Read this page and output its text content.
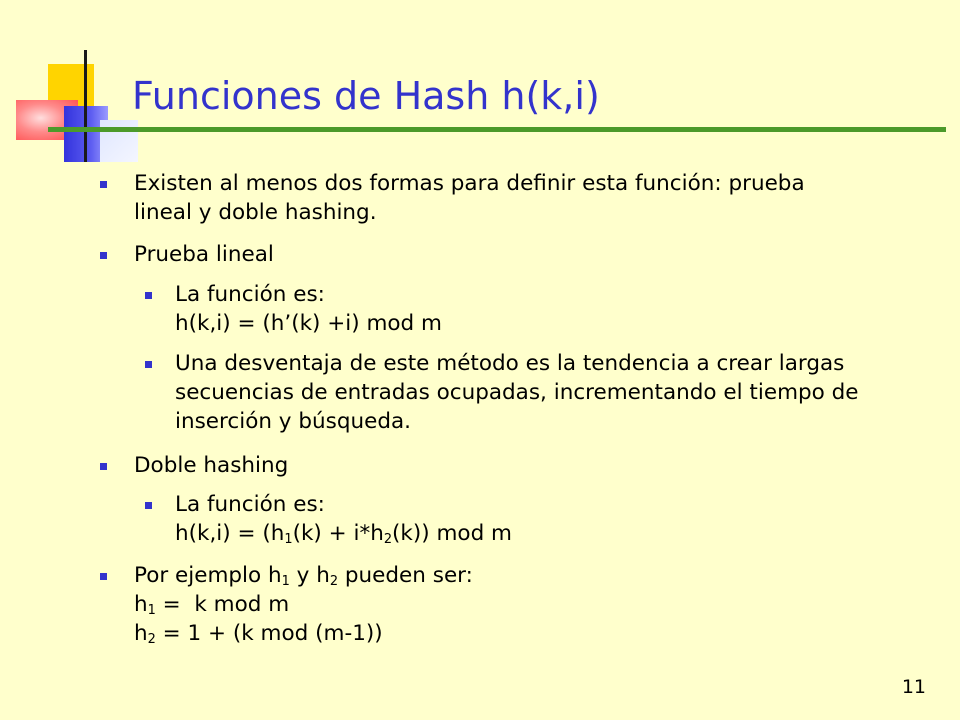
Funciones de Hash h(k,i)
Existen al menos dos formas para definir esta función: prueba
lineal y doble hashing.
Prueba lineal
La función es:
h(k,i) = (h’(k) +i) mod m
Una desventaja de este método es la tendencia a crear largas
secuencias de entradas ocupadas, incrementando el tiempo de
inserción y búsqueda.
Doble hashing
La función es:
$h(k,i) = (h_1(k) + i*h_2(k))$ mod m
Por ejemplo $h_1$ y $h_2$ pueden ser:
$h_1 = k$ mod m
$h_2 = 1 + (k$ mod (m-1))
11
